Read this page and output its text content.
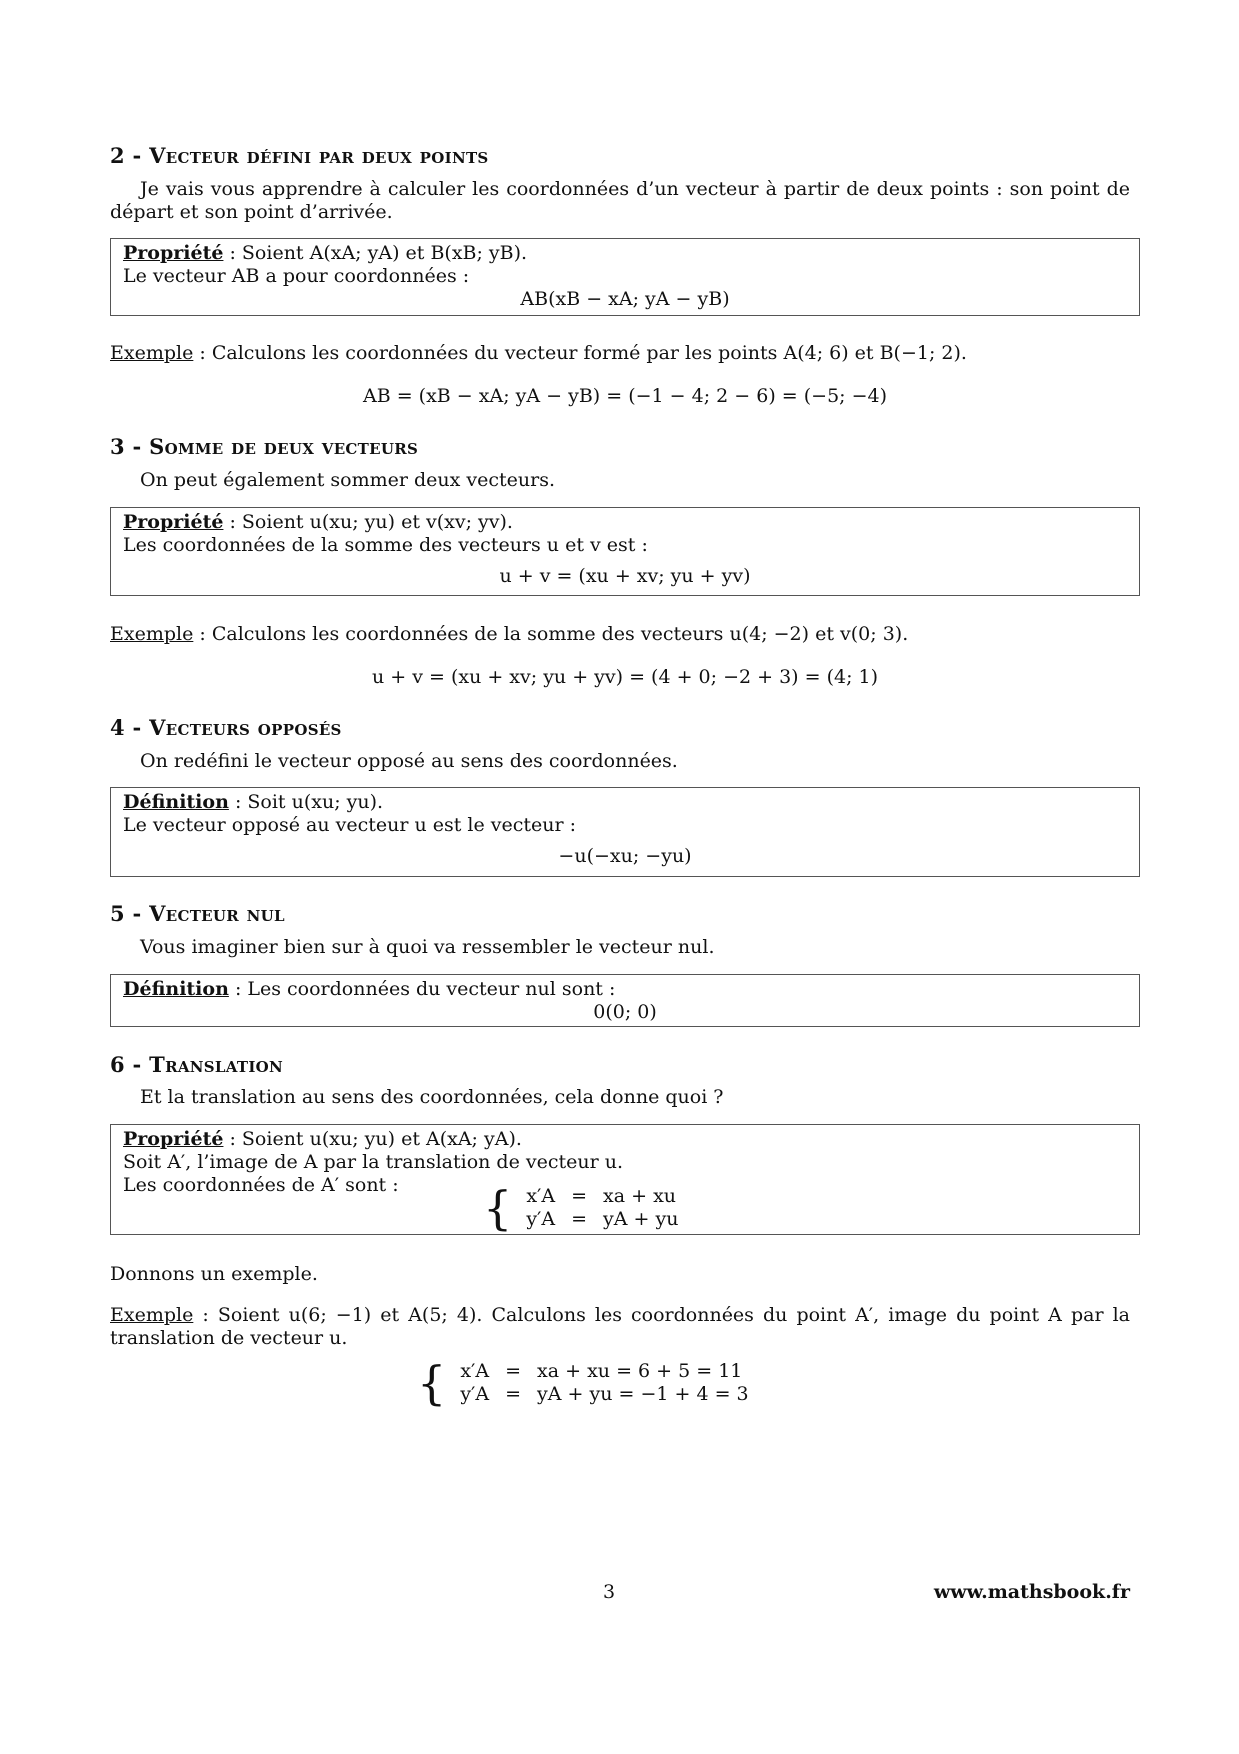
2 - Vecteur défini par deux points
Je vais vous apprendre à calculer les coordonnées d’un vecteur à partir de deux points : son point de départ et son point d’arrivée.
Propriété : Soient A(xA; yA) et B(xB; yB).
Le vecteur AB a pour coordonnées :
AB(xB − xA; yA − yB)
Exemple : Calculons les coordonnées du vecteur formé par les points A(4; 6) et B(−1; 2).
AB = (xB − xA; yA − yB) = (−1 − 4; 2 − 6) = (−5; −4)
3 - Somme de deux vecteurs
On peut également sommer deux vecteurs.
Propriété : Soient u(xu; yu) et v(xv; yv).
Les coordonnées de la somme des vecteurs u et v est :
u + v = (xu + xv; yu + yv)
Exemple : Calculons les coordonnées de la somme des vecteurs u(4; −2) et v(0; 3).
u + v = (xu + xv; yu + yv) = (4 + 0; −2 + 3) = (4; 1)
4 - Vecteurs opposés
On redéfini le vecteur opposé au sens des coordonnées.
Définition : Soit u(xu; yu).
Le vecteur opposé au vecteur u est le vecteur :
−u(−xu; −yu)
5 - Vecteur nul
Vous imaginer bien sur à quoi va ressembler le vecteur nul.
Définition : Les coordonnées du vecteur nul sont :
0(0; 0)
6 - Translation
Et la translation au sens des coordonnées, cela donne quoi ?
Propriété : Soient u(xu; yu) et A(xA; yA).
Soit A′, l’image de A par la translation de vecteur u.
Les coordonnées de A′ sont :	{ x′A	=	xa + xu
y′A	=	yA + yu
Donnons un exemple.
Exemple : Soient u(6; −1) et A(5; 4). Calculons les coordonnées du point A′, image du point A par la translation de vecteur u.
{ x′A	=	xa + xu = 6 + 5 = 11
y′A	=	yA + yu = −1 + 4 = 3
3	www.mathsbook.fr
